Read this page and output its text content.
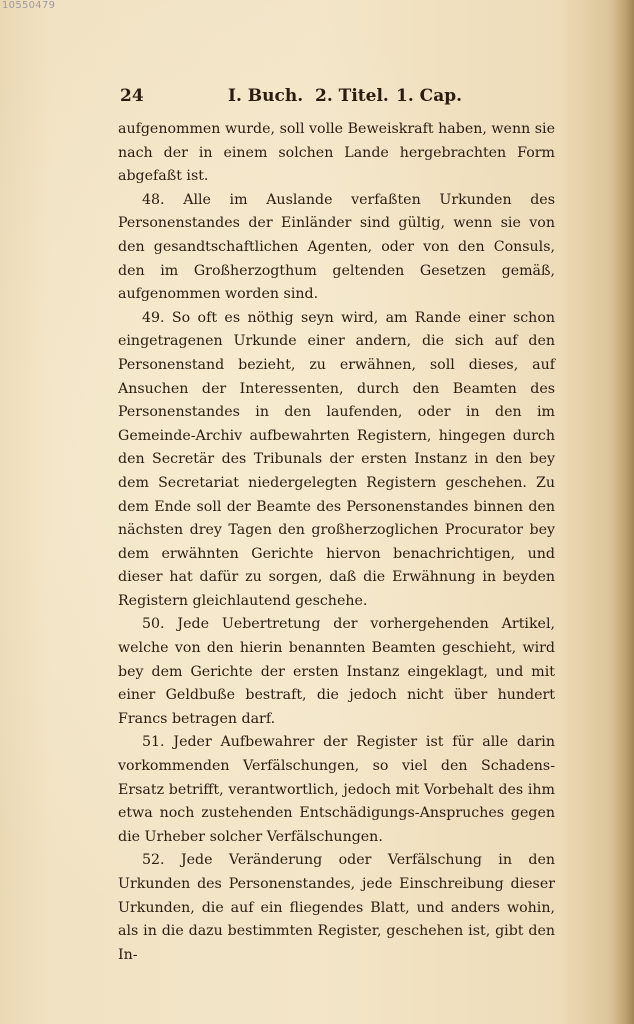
10550479
24	I. Buch. 2. Titel. 1. Cap.

aufgenommen wurde, soll volle Beweiskraft haben, wenn sie nach der in einem solchen Lande hergebrachten Form abgefaßt ist.

48. Alle im Auslande verfaßten Urkunden des Personenstandes der Einländer sind gültig, wenn sie von den gesandtschaftlichen Agenten, oder von den Consuls, den im Großherzogthum geltenden Gesetzen gemäß, aufgenommen worden sind.

49. So oft es nöthig seyn wird, am Rande einer schon eingetragenen Urkunde einer andern, die sich auf den Personenstand bezieht, zu erwähnen, soll dieses, auf Ansuchen der Interessenten, durch den Beamten des Personenstandes in den laufenden, oder in den im Gemeinde-Archiv aufbewahrten Registern, hingegen durch den Secretär des Tribunals der ersten Instanz in den bey dem Secretariat niedergelegten Registern geschehen. Zu dem Ende soll der Beamte des Personenstandes binnen den nächsten drey Tagen den großherzoglichen Procurator bey dem erwähnten Gerichte hiervon benachrichtigen, und dieser hat dafür zu sorgen, daß die Erwähnung in beyden Registern gleichlautend geschehe.

50. Jede Uebertretung der vorhergehenden Artikel, welche von den hierin benannten Beamten geschieht, wird bey dem Gerichte der ersten Instanz eingeklagt, und mit einer Geldbuße bestraft, die jedoch nicht über hundert Francs betragen darf.

51. Jeder Aufbewahrer der Register ist für alle darin vorkommenden Verfälschungen, so viel den Schadens-Ersatz betrifft, verantwortlich, jedoch mit Vorbehalt des ihm etwa noch zustehenden Entschädigungs-Anspruches gegen die Urheber solcher Verfälschungen.

52. Jede Veränderung oder Verfälschung in den Urkunden des Personenstandes, jede Einschreibung dieser Urkunden, die auf ein fliegendes Blatt, und anders wohin, als in die dazu bestimmten Register, geschehen ist, gibt den In-
